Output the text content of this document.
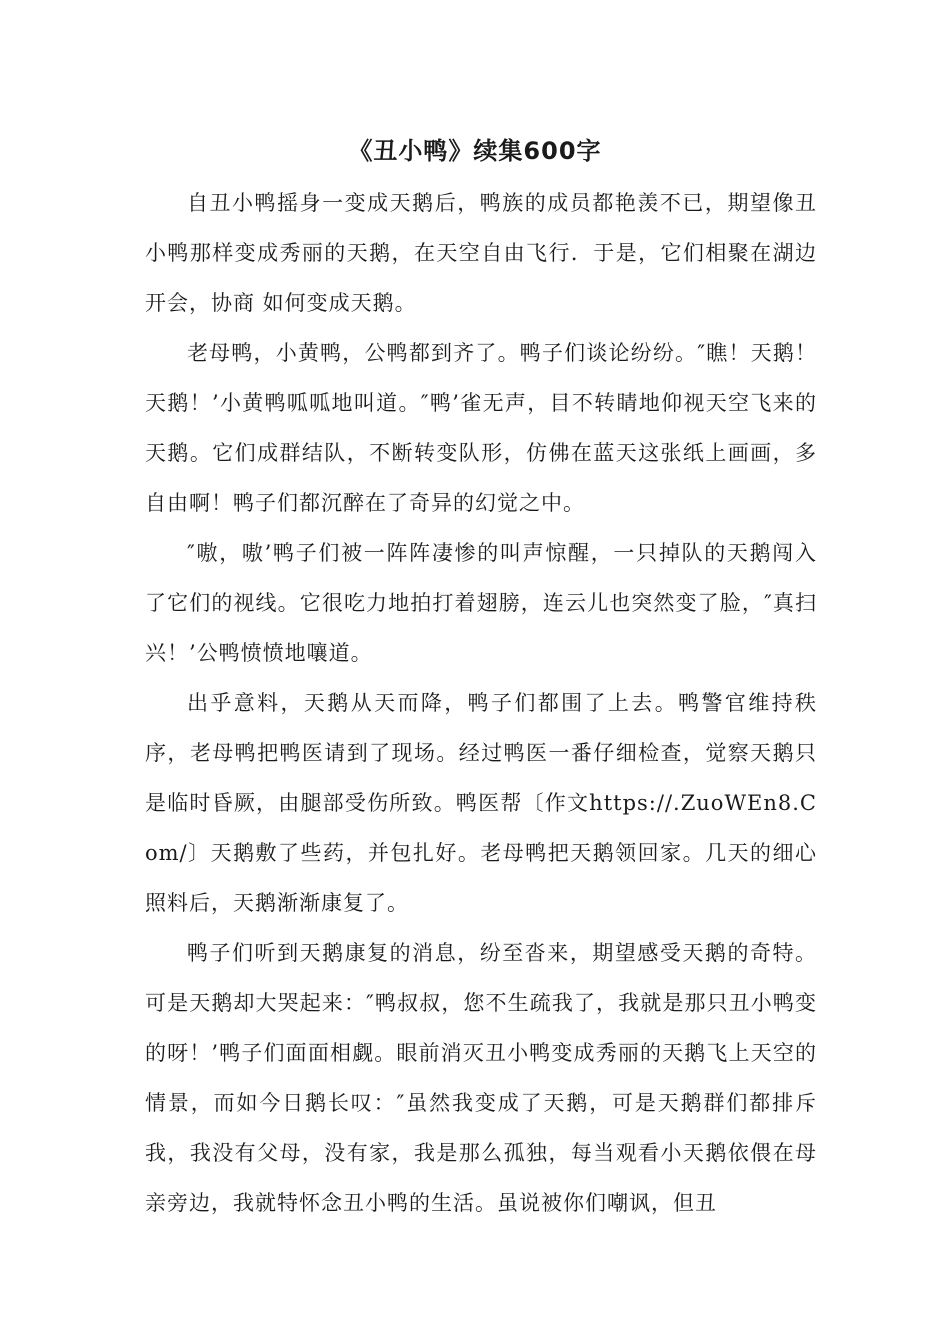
《丑小鸭》续集600字

自丑小鸭摇身一变成天鹅后，鸭族的成员都艳羡不已，期望像丑小鸭那样变成秀丽的天鹅，在天空自由飞行．于是，它们相聚在湖边开会，协商 如何变成天鹅。

老母鸭，小黄鸭，公鸭都到齐了。鸭子们谈论纷纷。″瞧！天鹅！天鹅！’小黄鸭呱呱地叫道。″鸭’雀无声，目不转睛地仰视天空飞来的天鹅。它们成群结队，不断转变队形，仿佛在蓝天这张纸上画画，多自由啊！鸭子们都沉醉在了奇异的幻觉之中。

″嗷，嗷’鸭子们被一阵阵凄惨的叫声惊醒，一只掉队的天鹅闯入了它们的视线。它很吃力地拍打着翅膀，连云儿也突然变了脸，″真扫兴！’公鸭愤愤地嚷道。

出乎意料，天鹅从天而降，鸭子们都围了上去。鸭警官维持秩序，老母鸭把鸭医请到了现场。经过鸭医一番仔细检查，觉察天鹅只是临时昏厥，由腿部受伤所致。鸭医帮〔作文https://.ZuoWEn8.Com/〕天鹅敷了些药，并包扎好。老母鸭把天鹅领回家。几天的细心照料后，天鹅渐渐康复了。

鸭子们听到天鹅康复的消息，纷至沓来，期望感受天鹅的奇特。可是天鹅却大哭起来：″鸭叔叔，您不生疏我了，我就是那只丑小鸭变的呀！’鸭子们面面相觑。眼前消灭丑小鸭变成秀丽的天鹅飞上天空的情景，而如今日鹅长叹：″虽然我变成了天鹅，可是天鹅群们都排斥我，我没有父母，没有家，我是那么孤独，每当观看小天鹅依偎在母亲旁边，我就特怀念丑小鸭的生活。虽说被你们嘲讽，但丑
